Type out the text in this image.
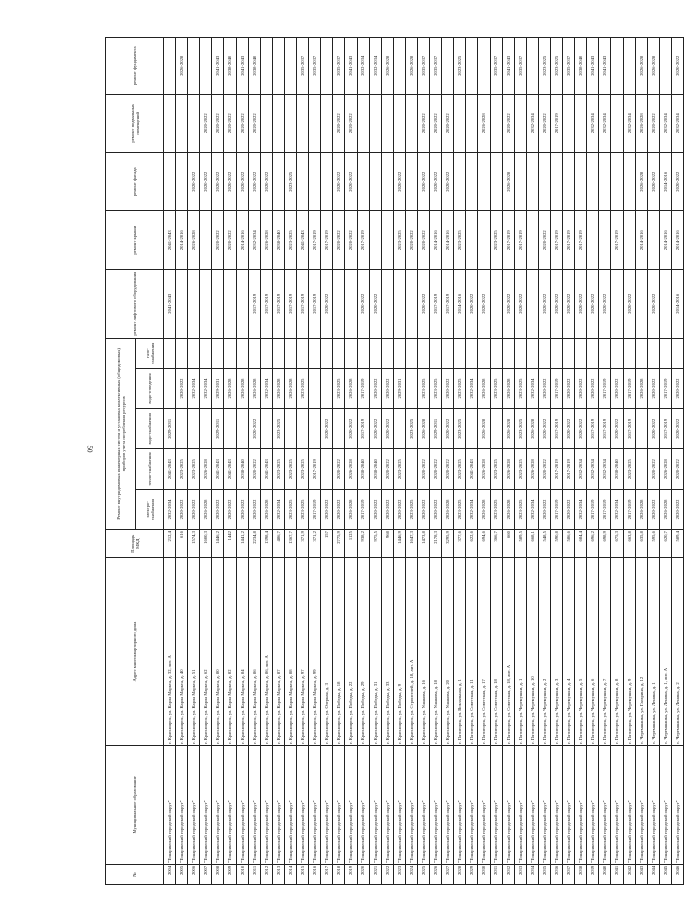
50
№	Муниципальное образование	Адрес многоквартирного дома	Площадь МКД	Ремонт внутридомовых инженерных систем и установка коллективных (общедомовых) приборов учета потребления ресурсов					ремонт лифтового оборудования	ремонт крыши	ремонт фасада	ремонт подвальных помещений	ремонт фундамента
				электро-снабжения	тепло-снабжения	водо-снабжения	водо-отведения	газо-снабжения					
2004	"Тонаринский городской округ"	г. Красноярск, ул. Карла Маркса, д. 32, лит. А	212,4	2032-2034	2041-2043	2029-2031			2041-2043	2041-2043			
2005	"Тонаринский городской округ"	г. Красноярск, ул. Карла Маркса, д. 40	616	2020-2022	2023-2025		2020-2022			2014-2016			2026-2028
2006	"Тонаринский городской округ"	г. Красноярск, ул. Карла Маркса, д. 51	1574,3	2020-2022	2023-2025		2032-2034			2026-2028	2020-2022		
2007	"Тонаринский городской округ"	г. Красноярск, ул. Карла Маркса, д. 62	1600,3	2026-2028	2026-2028		2032-2034				2020-2022	2020-2022	
2008	"Тонаринский городской округ"	г. Красноярск, ул. Карла Маркса, д. 80	1446,2	2020-2022	2041-2043	2029-2031	2029-2031			2020-2022	2020-2022	2020-2022	2041-2043
2009	"Тонаринский городской округ"	г. Красноярск, ул. Карла Маркса, д. 82	1442	2020-2022	2041-2043		2026-2028			2020-2022	2020-2022	2020-2022	2038-2040
2010	"Тонаринский городской округ"	г. Красноярск, ул. Карла Маркса, д. 84	1441,2	2020-2022	2038-2040		2026-2028			2014-2016	2020-2022	2020-2022	2041-2043
2011	"Тонаринский городской округ"	г. Красноярск, ул. Карла Маркса, д. 86	2234,8	2020-2022	2020-2022	2020-2022	2026-2028		2017-2019	2032-2034	2020-2022	2020-2022	2038-2040
2012	"Тонаринский городской округ"	г. Красноярск, ул. Карла Маркса, д. 86, лит. А	1398,4	2026-2028	2041-2043		2032-2034		2017-2019	2026-2028	2020-2022		
2013	"Тонаринский городской округ"	г. Красноярск, ул. Карла Маркса, д. 87	486,7	2032-2034	2023-2025	2023-2025	2026-2028		2017-2019	2038-2040			
2014	"Тонаринский городской округ"	г. Красноярск, ул. Карла Маркса, д. 88	1367,7	2023-2025	2023-2025		2026-2028		2017-2019	2023-2025	2023-2025		
2015	"Тонаринский городской округ"	г. Красноярск, ул. Карла Маркса, д. 97	371,9	2023-2025	2023-2025		2023-2025		2017-2019	2041-2043			2035-2037
2016	"Тонаринский городской округ"	г. Красноярск, ул. Карла Маркса, д. 99	371,2	2017-2019	2017-2019				2017-2019	2017-2019			2035-2037
2017	"Тонаринский городской округ"	г. Красноярск, ул. Озерная, д. 3	157	2020-2022		2020-2022			2020-2022	2017-2019			
2018	"Тонаринский городской округ"	г. Красноярск, ул. Победы, д. 18	2775,9	2020-2022	2020-2022		2023-2025			2020-2022	2020-2022	2020-2022	2035-2037
2019	"Тонаринский городской округ"	г. Красноярск, ул. Победы, д. 22	1125	2026-2028	2026-2028	2020-2022	2026-2028			2020-2022	2020-2022	2020-2022	2041-2043
2020	"Тонаринский городской округ"	г. Красноярск, ул. Победы, д. 29	938,2	2017-2019	2038-2040	2017-2019	2017-2019		2020-2022	2017-2019			2032-2034
2021	"Тонаринский городской округ"	г. Красноярск, ул. Победы, д. 31	975,5	2020-2022	2038-2040	2020-2022	2020-2022		2020-2022				2032-2034
2022	"Тонаринский городской округ"	г. Красноярск, ул. Победы, д. 33	968	2020-2022	2020-2022	2020-2022	2020-2022						2026-2028
2023	"Тонаринский городской округ"	г. Красноярск, ул. Победы, д. 9	1446,9	2020-2022	2023-2025		2029-2031			2023-2025	2020-2022		
2024	"Тонаринский городской округ"	г. Красноярск, ул. Строителей, д. 18, лит. А	1647,3	2023-2025		2023-2025				2020-2022			2026-2028
2025	"Тонаринский городской округ"	г. Красноярск, ул. Ушакова, д. 16	1473,8	2020-2022	2020-2022	2026-2028	2023-2025		2020-2022	2020-2022	2020-2022	2020-2022	2035-2037
2026	"Тонаринский городской округ"	г. Красноярск, ул. Ушакова, д. 18	2178,3	2020-2022	2020-2022	2029-2031	2023-2025		2017-2019	2014-2016	2020-2022	2020-2022	2035-2037
2027	"Тонаринский городской округ"	г. Красноярск, ул. Ушакова, д. 20	3295,9	2026-2028	2020-2022	2020-2022	2020-2022		2017-2019	2014-2016	2020-2022	2020-2022	
2028	"Тонаринский городской округ"	г. Пятигорск, ул. Вокзальная, д. 1	377,6	2023-2025	2023-2025	2023-2025	2023-2025		2014-2016	2023-2025			2023-2025
2029	"Тонаринский городской округ"	г. Пятигорск, ул. Советская, д. 11	622,6	2032-2034	2041-2043		2032-2034		2020-2022				
2030	"Тонаринский городской округ"	г. Пятигорск, ул. Советская, д. 17	694,6	2026-2028	2026-2028	2026-2028	2026-2028		2020-2022			2026-2028	
2031	"Тонаринский городской округ"	г. Пятигорск, ул. Советская, д. 18	366,7	2023-2025	2023-2025		2023-2025			2023-2025			2035-2037
2032	"Тонаринский городской округ"	г. Пятигорск, ул. Советская, д. 18, лит. А	660	2026-2028	2026-2028	2026-2028	2026-2028		2020-2022	2017-2019	2026-2028	2020-2022	2041-2043
2033	"Тонаринский городской округ"	г. Пятигорск, ул. Черемушки, д. 1	589,5	2023-2025	2023-2025	2023-2025	2023-2025		2020-2022	2017-2019			2035-2037
2034	"Тонаринский городской округ"	г. Пятигорск, ул. Черемушки, д. 10	668,1	2032-2034	2026-2028	2026-2028	2032-2034					2032-2034	
2035	"Тонаринский городской округ"	г. Пятигорск, ул. Черемушки, д. 2	548,5	2020-2022	2020-2022	2020-2022	2020-2022		2020-2022	2020-2022		2020-2022	2023-2025
2036	"Тонаринский городской округ"	г. Пятигорск, ул. Черемушки, д. 3	590,8	2017-2019	2017-2019	2017-2019	2017-2019		2020-2022	2017-2019		2017-2019	2023-2025
2037	"Тонаринский городской округ"	г. Пятигорск, ул. Черемушки, д. 4	586,6	2020-2022	2017-2019	2020-2022	2020-2022		2020-2022	2017-2019			2035-2037
2038	"Тонаринский городской округ"	г. Пятигорск, ул. Черемушки, д. 5	684,4	2032-2034	2032-2034	2020-2022	2020-2022		2020-2022	2017-2019			2038-2040
2039	"Тонаринский городской округ"	г. Пятигорск, ул. Черемушки, д. 6	696,2	2017-2019	2032-2034	2017-2019	2020-2022		2020-2022			2032-2034	2041-2043
2040	"Тонаринский городской округ"	г. Пятигорск, ул. Черемушки, д. 7	698,9	2017-2019	2032-2034	2017-2019	2017-2019		2020-2022			2032-2034	2041-2043
2041	"Тонаринский городской округ"	г. Пятигорск, ул. Черемушки, д. 8	675,3	2032-2034	2038-2040	2020-2022	2020-2022			2017-2019			
2042	"Тонаринский городской округ"	г. Пятигорск, ул. Черемушки, д. 9	663,8	2017-2019	2023-2025	2017-2019	2017-2019		2020-2022			2032-2034	
2043	"Тонаринский городской округ"	с. Черемшанка, ул. Гагарина, д. 12	635,8	2026-2028			2026-2028			2014-2016	2026-2028	2026-2028	2026-2028
2044	"Тонаринский городской округ"	с. Черемшанка, ул. Ленина, д. 1	595,6	2020-2022	2020-2022	2020-2022	2020-2022		2020-2022		2020-2022	2020-2022	2026-2028
2045	"Тонаринский городской округ"	с. Черемшанка, ул. Ленина, д. 1, лит. А	620,7	2026-2028	2026-2028	2017-2019	2017-2019			2014-2016	2014-2016	2032-2034	
2046	"Тонаринский городской округ"	с. Черемшанка, ул. Ленина, д. 2	589,4	2020-2022	2020-2022	2020-2022	2020-2022		2014-2016	2014-2016	2020-2022	2032-2034	2020-2022
